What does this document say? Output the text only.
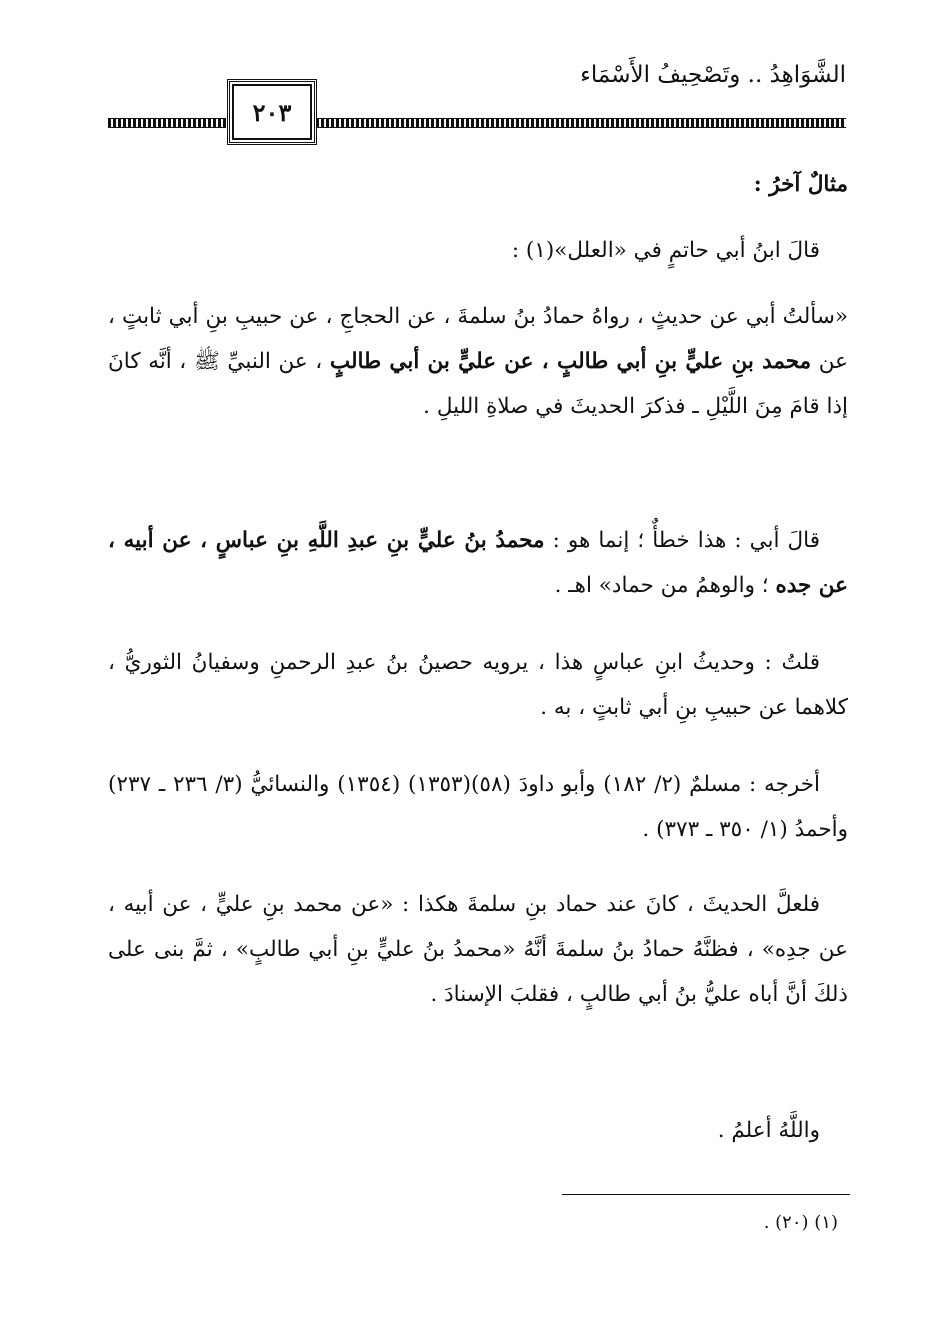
الشَّوَاهِدُ .. وتَصْحِيفُ الأَسْمَاء
٢٠٣

مثالٌ آخرُ :

قالَ ابنُ أبي حاتمٍ في «العلل»(١) :

«سألتُ أبي عن حديثٍ ، رواهُ حمادُ بنُ سلمةَ ، عن الحجاجِ ، عن حبيبِ بنِ أبي ثابتٍ ، عن محمد بنِ عليٍّ بنِ أبي طالبٍ ، عن عليٍّ بن أبي طالبٍ ، عن النبيِّ ﷺ ، أنَّه كانَ إذا قامَ مِنَ اللَّيْلِ ـ فذكرَ الحديثَ في صلاةِ الليلِ .

قالَ أبي : هذا خطأٌ ؛ إنما هو : محمدُ بنُ عليٍّ بنِ عبدِ اللَّهِ بنِ عباسٍ ، عن أبيه ، عن جده ؛ والوهمُ من حماد» اهـ .

قلتُ : وحديثُ ابنِ عباسٍ هذا ، يرويه حصينُ بنُ عبدِ الرحمنِ وسفيانُ الثوريُّ ، كلاهما عن حبيبِ بنِ أبي ثابتٍ ، به .

أخرجه : مسلمٌ (٢/ ١٨٢) وأبو داودَ (٥٨)(١٣٥٣) (١٣٥٤) والنسائيُّ (٣/ ٢٣٦ ـ ٢٣٧) وأحمدُ (١/ ٣٥٠ ـ ٣٧٣) .

فلعلَّ الحديثَ ، كانَ عند حماد بنِ سلمةَ هكذا : «عن محمد بنِ عليٍّ ، عن أبيه ، عن جدِه» ، فظنَّهُ حمادُ بنُ سلمةَ أنَّهُ «محمدُ بنُ عليٍّ بنِ أبي طالبٍ» ، ثمَّ بنى على ذلكَ أنَّ أباه عليُّ بنُ أبي طالبٍ ، فقلبَ الإسنادَ .

واللَّهُ أعلمُ .

(١) (٢٠) .
